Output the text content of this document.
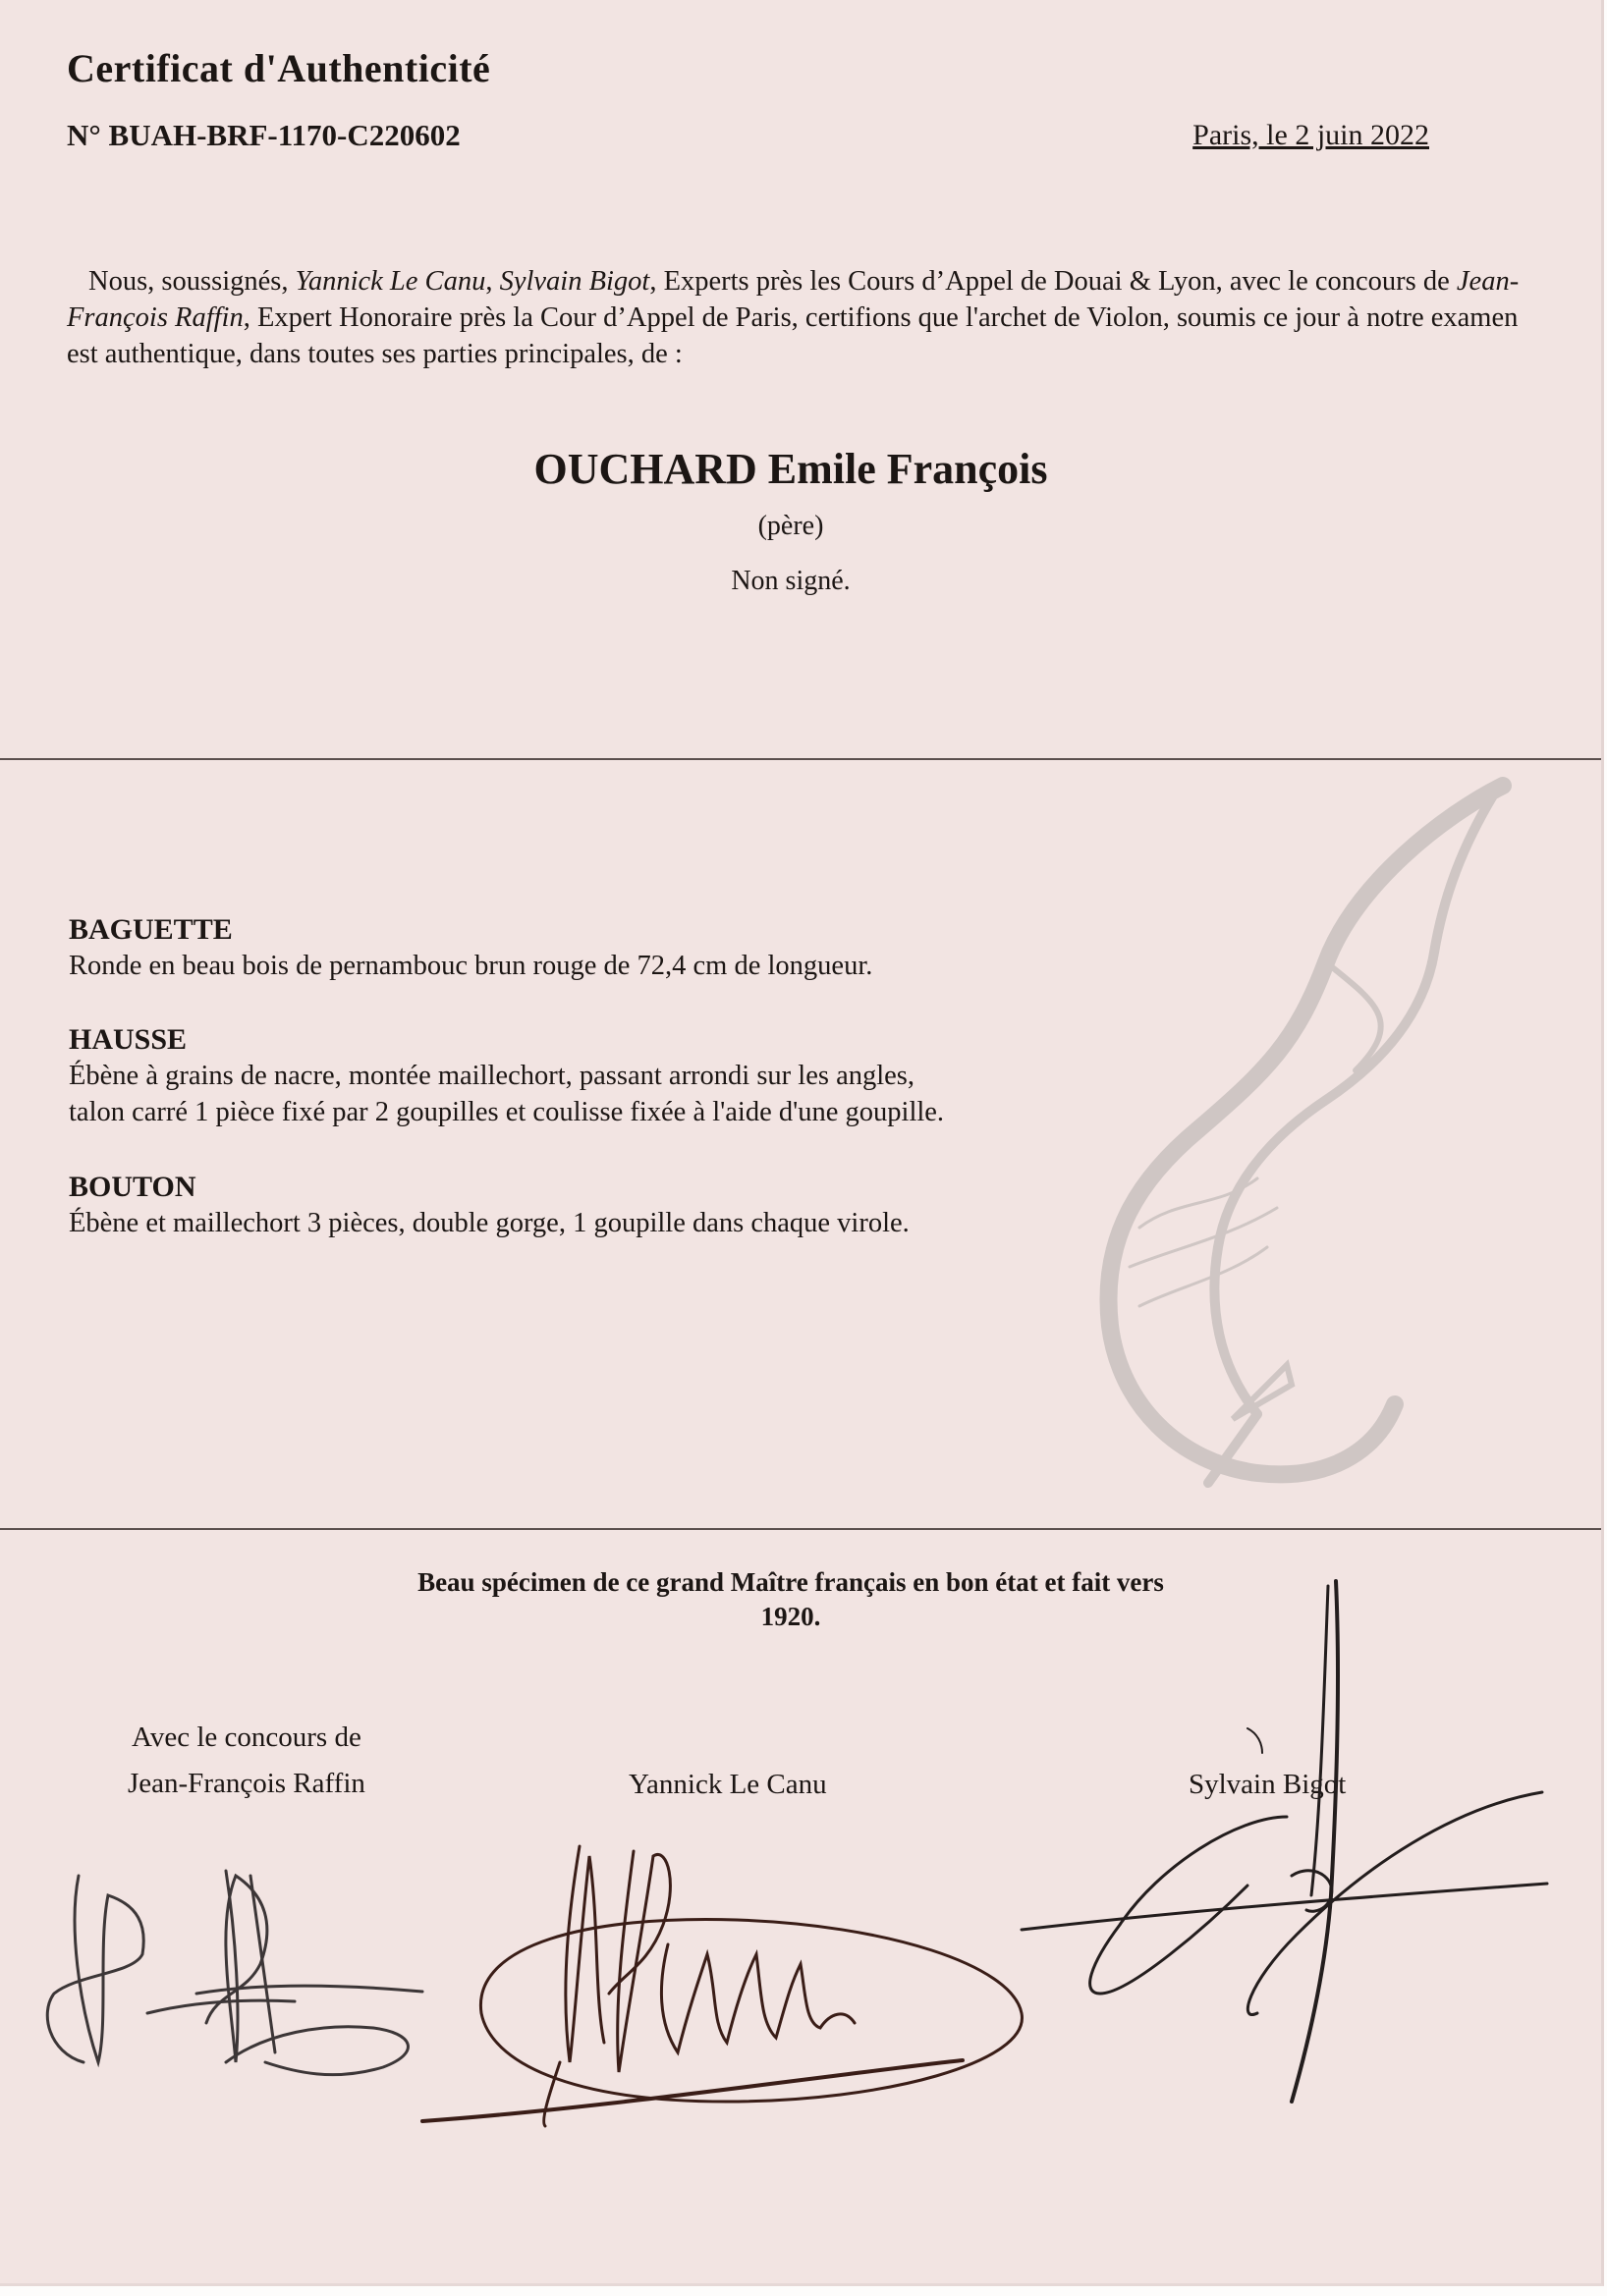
Certificat d'Authenticité
N° BUAH-BRF-1170-C220602	Paris, le 2 juin 2022

Nous, soussignés, Yannick Le Canu, Sylvain Bigot, Experts près les Cours d’Appel de Douai & Lyon, avec le concours de Jean-François Raffin, Expert Honoraire près la Cour d’Appel de Paris, certifions que l'archet de Violon, soumis ce jour à notre examen est authentique, dans toutes ses parties principales, de :

OUCHARD Emile François
(père)
Non signé.
BAGUETTE
Ronde en beau bois de pernambouc brun rouge de 72,4 cm de longueur.
HAUSSE
Ébène à grains de nacre, montée maillechort, passant arrondi sur les angles,
talon carré 1 pièce fixé par 2 goupilles et coulisse fixée à l'aide d'une goupille.
BOUTON
Ébène et maillechort 3 pièces, double gorge, 1 goupille dans chaque virole.
Beau spécimen de ce grand Maître français en bon état et fait vers
1920.
Avec le concours de
Jean-François Raffin	Yannick Le Canu	Sylvain Bigot
